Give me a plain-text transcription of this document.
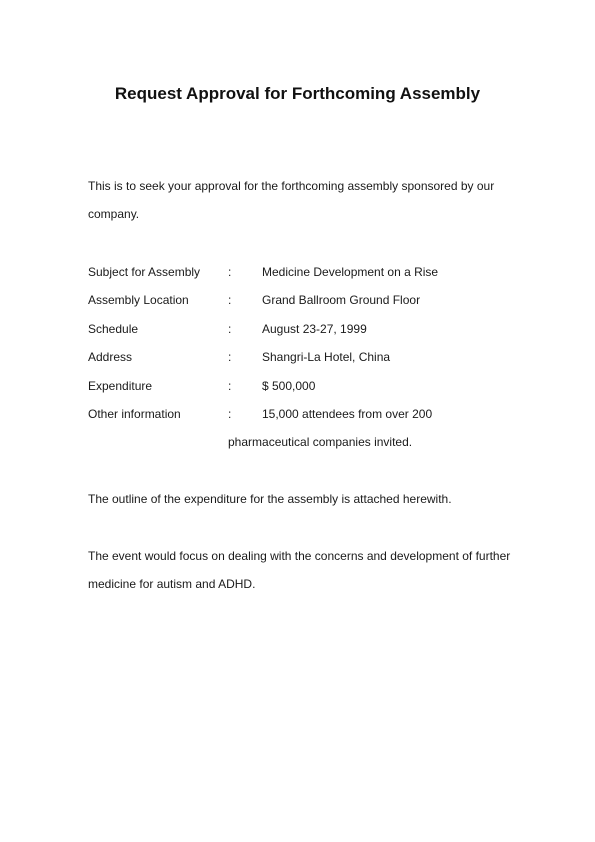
Request Approval for Forthcoming Assembly
This is to seek your approval for the forthcoming assembly sponsored by our company.
Subject for Assembly	:	Medicine Development on a Rise
Assembly Location	:	Grand Ballroom Ground Floor
Schedule	:	August 23-27, 1999
Address	:	Shangri-La Hotel, China
Expenditure	:	$ 500,000
Other information	:	15,000 attendees from over 200
pharmaceutical companies invited.
The outline of the expenditure for the assembly is attached herewith.
The event would focus on dealing with the concerns and development of further medicine for autism and ADHD.
